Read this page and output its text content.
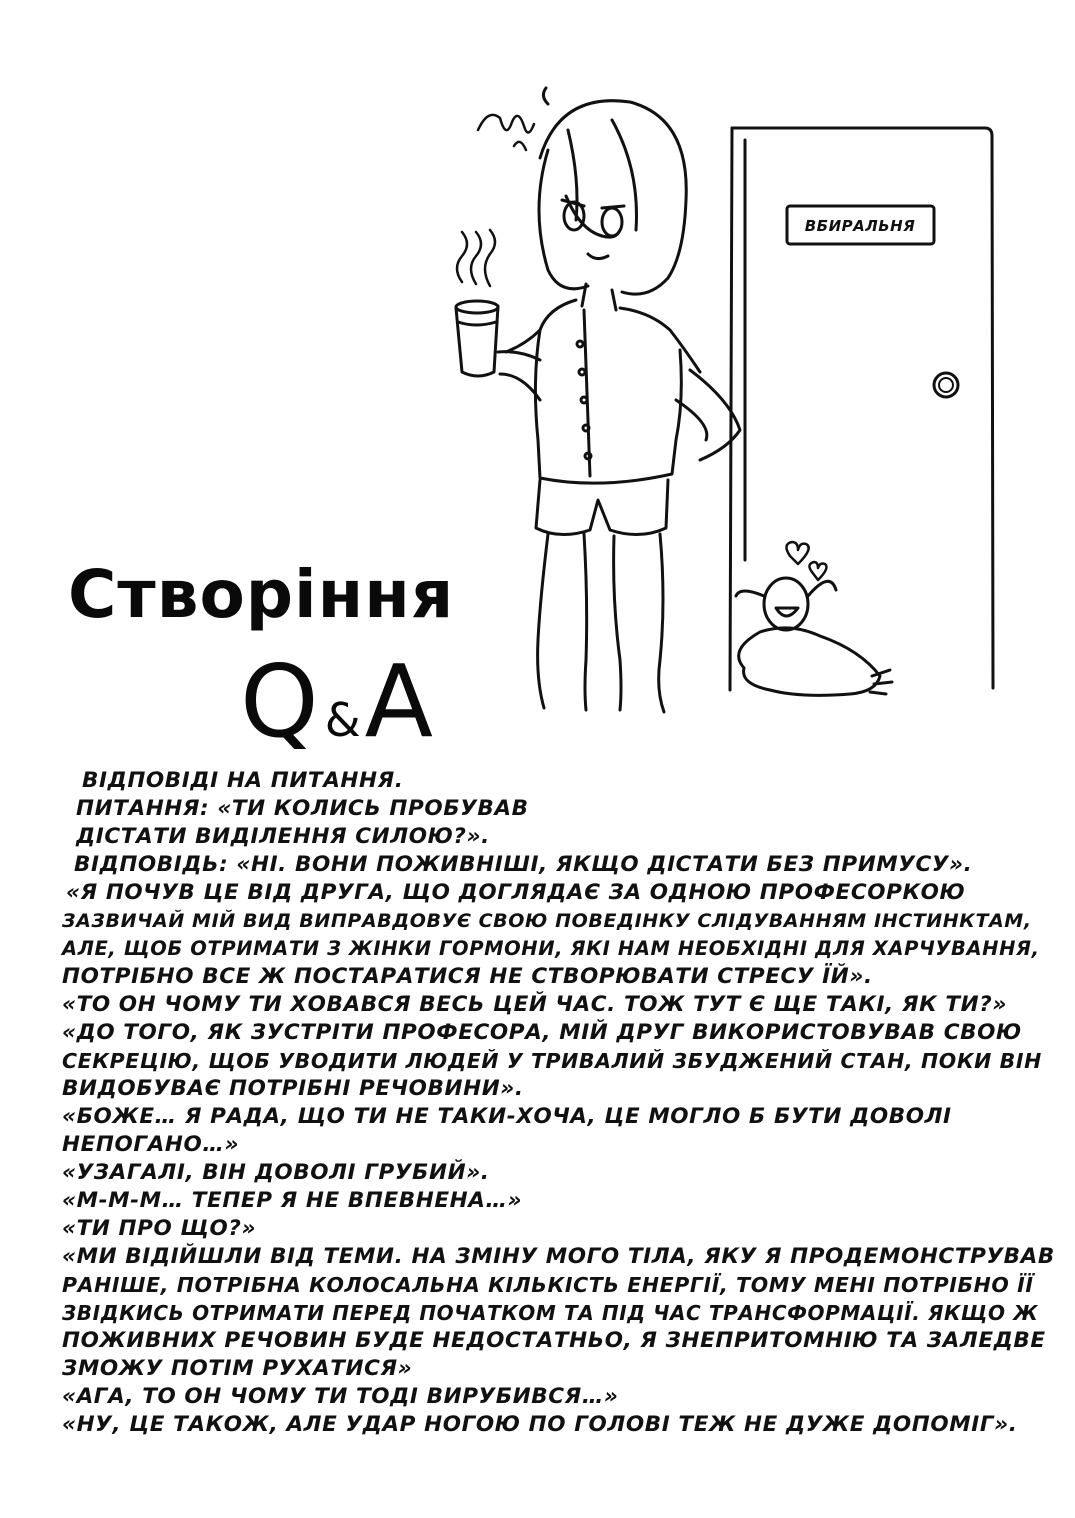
ВБИРАЛЬНЯ
Створіння
Q & A
ВІДПОВІДІ НА ПИТАННЯ.
ПИТАННЯ: «ТИ КОЛИСЬ ПРОБУВАВ
ДІСТАТИ ВИДІЛЕННЯ СИЛОЮ?».
ВІДПОВІДЬ: «НІ. ВОНИ ПОЖИВНІШІ, ЯКЩО ДІСТАТИ БЕЗ ПРИМУСУ».
«Я ПОЧУВ ЦЕ ВІД ДРУГА, ЩО ДОГЛЯДАЄ ЗА ОДНОЮ ПРОФЕСОРКОЮ
ЗАЗВИЧАЙ МІЙ ВИД ВИПРАВДОВУЄ СВОЮ ПОВЕДІНКУ СЛІДУВАННЯМ ІНСТИНКТАМ,
АЛЕ, ЩОБ ОТРИМАТИ З ЖІНКИ ГОРМОНИ, ЯКІ НАМ НЕОБХІДНІ ДЛЯ ХАРЧУВАННЯ,
ПОТРІБНО ВСЕ Ж ПОСТАРАТИСЯ НЕ СТВОРЮВАТИ СТРЕСУ ЇЙ».
«ТО ОН ЧОМУ ТИ ХОВАВСЯ ВЕСЬ ЦЕЙ ЧАС. ТОЖ ТУТ Є ЩЕ ТАКІ, ЯК ТИ?»
«ДО ТОГО, ЯК ЗУСТРІТИ ПРОФЕСОРА, МІЙ ДРУГ ВИКОРИСТОВУВАВ СВОЮ
СЕКРЕЦІЮ, ЩОБ УВОДИТИ ЛЮДЕЙ У ТРИВАЛИЙ ЗБУДЖЕНИЙ СТАН, ПОКИ ВІН
ВИДОБУВАЄ ПОТРІБНІ РЕЧОВИНИ».
«БОЖЕ… Я РАДА, ЩО ТИ НЕ ТАКИ-ХОЧА, ЦЕ МОГЛО Б БУТИ ДОВОЛІ
НЕПОГАНО…»
«УЗАГАЛІ, ВІН ДОВОЛІ ГРУБИЙ».
«М-М-М… ТЕПЕР Я НЕ ВПЕВНЕНА…»
«ТИ ПРО ЩО?»
«МИ ВІДІЙШЛИ ВІД ТЕМИ. НА ЗМІНУ МОГО ТІЛА, ЯКУ Я ПРОДЕМОНСТРУВАВ
РАНІШЕ, ПОТРІБНА КОЛОСАЛЬНА КІЛЬКІСТЬ ЕНЕРГІЇ, ТОМУ МЕНІ ПОТРІБНО ЇЇ
ЗВІДКИСЬ ОТРИМАТИ ПЕРЕД ПОЧАТКОМ ТА ПІД ЧАС ТРАНСФОРМАЦІЇ. ЯКЩО Ж
ПОЖИВНИХ РЕЧОВИН БУДЕ НЕДОСТАТНЬО, Я ЗНЕПРИТОМНІЮ ТА ЗАЛЕДВЕ
ЗМОЖУ ПОТІМ РУХАТИСЯ»
«АГА, ТО ОН ЧОМУ ТИ ТОДІ ВИРУБИВСЯ…»
«НУ, ЦЕ ТАКОЖ, АЛЕ УДАР НОГОЮ ПО ГОЛОВІ ТЕЖ НЕ ДУЖЕ ДОПОМІГ».
